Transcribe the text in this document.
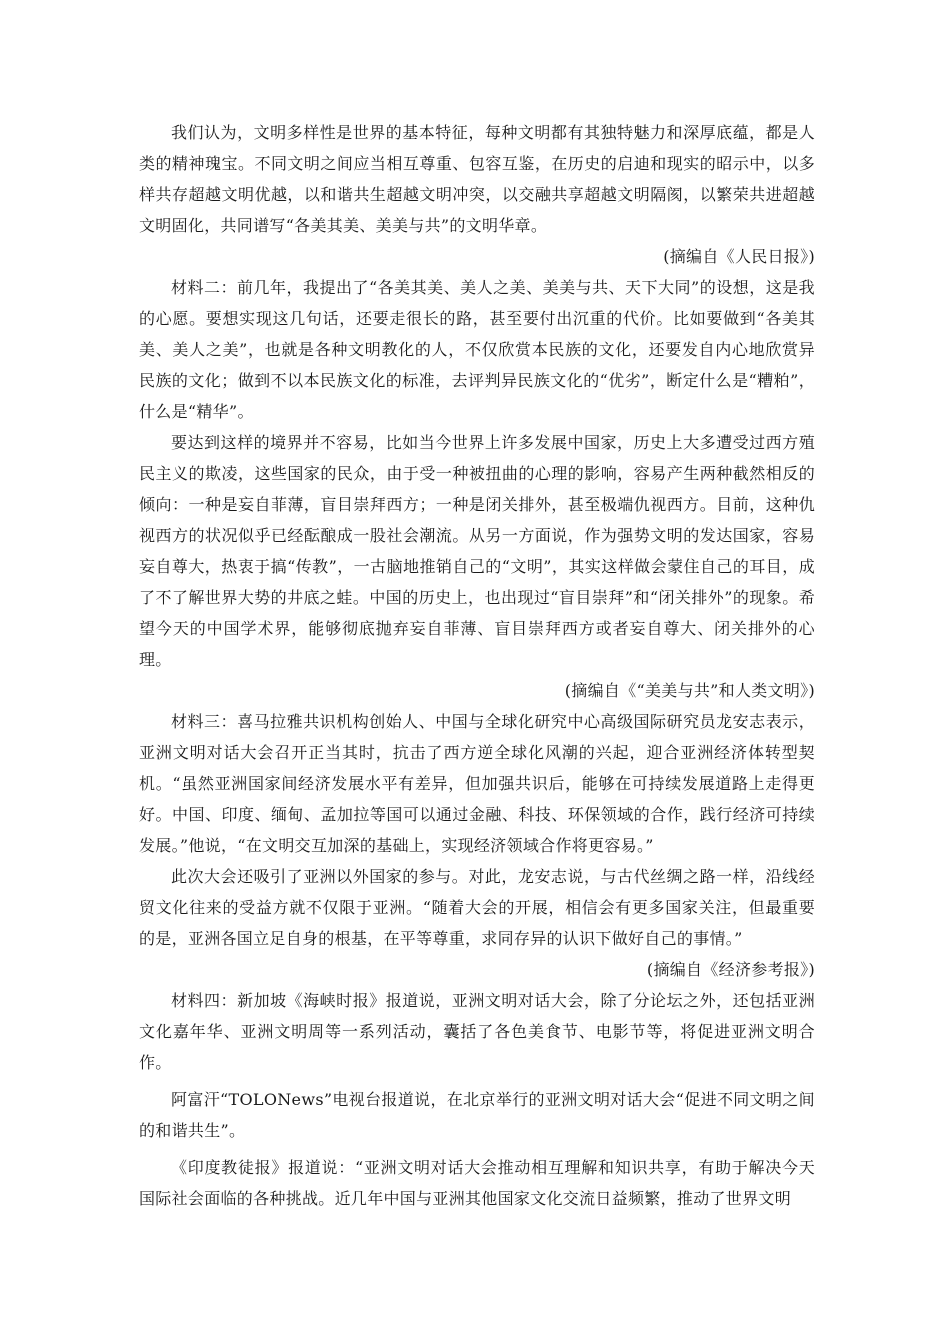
我们认为，文明多样性是世界的基本特征，每种文明都有其独特魅力和深厚底蕴，都是人类的精神瑰宝。不同文明之间应当相互尊重、包容互鉴，在历史的启迪和现实的昭示中，以多样共存超越文明优越，以和谐共生超越文明冲突，以交融共享超越文明隔阂，以繁荣共进超越文明固化，共同谱写“各美其美、美美与共”的文明华章。

(摘编自《人民日报》)

材料二：前几年，我提出了“各美其美、美人之美、美美与共、天下大同”的设想，这是我的心愿。要想实现这几句话，还要走很长的路，甚至要付出沉重的代价。比如要做到“各美其美、美人之美”，也就是各种文明教化的人，不仅欣赏本民族的文化，还要发自内心地欣赏异民族的文化；做到不以本民族文化的标准，去评判异民族文化的“优劣”，断定什么是“糟粕”，什么是“精华”。

要达到这样的境界并不容易，比如当今世界上许多发展中国家，历史上大多遭受过西方殖民主义的欺凌，这些国家的民众，由于受一种被扭曲的心理的影响，容易产生两种截然相反的倾向：一种是妄自菲薄，盲目崇拜西方；一种是闭关排外，甚至极端仇视西方。目前，这种仇视西方的状况似乎已经酝酿成一股社会潮流。从另一方面说，作为强势文明的发达国家，容易妄自尊大，热衷于搞“传教”，一古脑地推销自己的“文明”，其实这样做会蒙住自己的耳目，成了不了解世界大势的井底之蛙。中国的历史上，也出现过“盲目崇拜”和“闭关排外”的现象。希望今天的中国学术界，能够彻底抛弃妄自菲薄、盲目崇拜西方或者妄自尊大、闭关排外的心理。

(摘编自《“美美与共”和人类文明》)

材料三：喜马拉雅共识机构创始人、中国与全球化研究中心高级国际研究员龙安志表示，亚洲文明对话大会召开正当其时，抗击了西方逆全球化风潮的兴起，迎合亚洲经济体转型契机。“虽然亚洲国家间经济发展水平有差异，但加强共识后，能够在可持续发展道路上走得更好。中国、印度、缅甸、孟加拉等国可以通过金融、科技、环保领域的合作，践行经济可持续发展。”他说，“在文明交互加深的基础上，实现经济领域合作将更容易。”

此次大会还吸引了亚洲以外国家的参与。对此，龙安志说，与古代丝绸之路一样，沿线经贸文化往来的受益方就不仅限于亚洲。“随着大会的开展，相信会有更多国家关注，但最重要的是，亚洲各国立足自身的根基，在平等尊重，求同存异的认识下做好自己的事情。”

(摘编自《经济参考报》)

材料四：新加坡《海峡时报》报道说，亚洲文明对话大会，除了分论坛之外，还包括亚洲文化嘉年华、亚洲文明周等一系列活动，囊括了各色美食节、电影节等，将促进亚洲文明合作。

阿富汗“TOLONews”电视台报道说，在北京举行的亚洲文明对话大会“促进不同文明之间的和谐共生”。

《印度教徒报》报道说：“亚洲文明对话大会推动相互理解和知识共享，有助于解决今天国际社会面临的各种挑战。近几年中国与亚洲其他国家文化交流日益频繁，推动了世界文明
